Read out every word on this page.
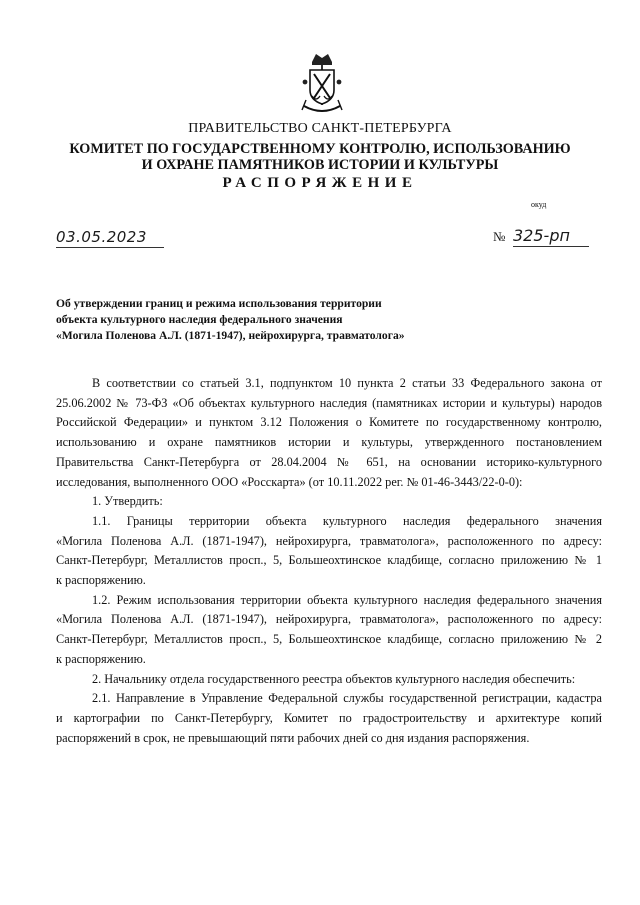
ПРАВИТЕЛЬСТВО САНКТ-ПЕТЕРБУРГА
КОМИТЕТ ПО ГОСУДАРСТВЕННОМУ КОНТРОЛЮ, ИСПОЛЬЗОВАНИЮ
И ОХРАНЕ ПАМЯТНИКОВ ИСТОРИИ И КУЛЬТУРЫ
РАСПОРЯЖЕНИЕ
окуд
03.05.2023	№ 325-рп
Об утверждении границ и режима использования территории
объекта культурного наследия федерального значения
«Могила Поленова А.Л. (1871-1947), нейрохирурга, травматолога»
В соответствии со статьей 3.1, подпунктом 10 пункта 2 статьи 33 Федерального закона от
25.06.2002 № 73-ФЗ «Об объектах культурного наследия (памятниках истории и культуры) народов
Российской Федерации» и пунктом 3.12 Положения о Комитете по государственному контролю,
использованию и охране памятников истории и культуры, утвержденного постановлением
Правительства Санкт-Петербурга от 28.04.2004 № 651, на основании историко-культурного
исследования, выполненного ООО «Росскарта» (от 10.11.2022 рег. № 01-46-3443/22-0-0):
1. Утвердить:
1.1. Границы территории объекта культурного наследия федерального значения
«Могила Поленова А.Л. (1871-1947), нейрохирурга, травматолога», расположенного по адресу:
Санкт-Петербург, Металлистов просп., 5, Большеохтинское кладбище, согласно приложению № 1
к распоряжению.
1.2. Режим использования территории объекта культурного наследия федерального значения
«Могила Поленова А.Л. (1871-1947), нейрохирурга, травматолога», расположенного по адресу:
Санкт-Петербург, Металлистов просп., 5, Большеохтинское кладбище, согласно приложению № 2
к распоряжению.
2. Начальнику отдела государственного реестра объектов культурного наследия обеспечить:
2.1. Направление в Управление Федеральной службы государственной регистрации, кадастра
и картографии по Санкт-Петербургу, Комитет по градостроительству и архитектуре копий
распоряжений в срок, не превышающий пяти рабочих дней со дня издания распоряжения.
